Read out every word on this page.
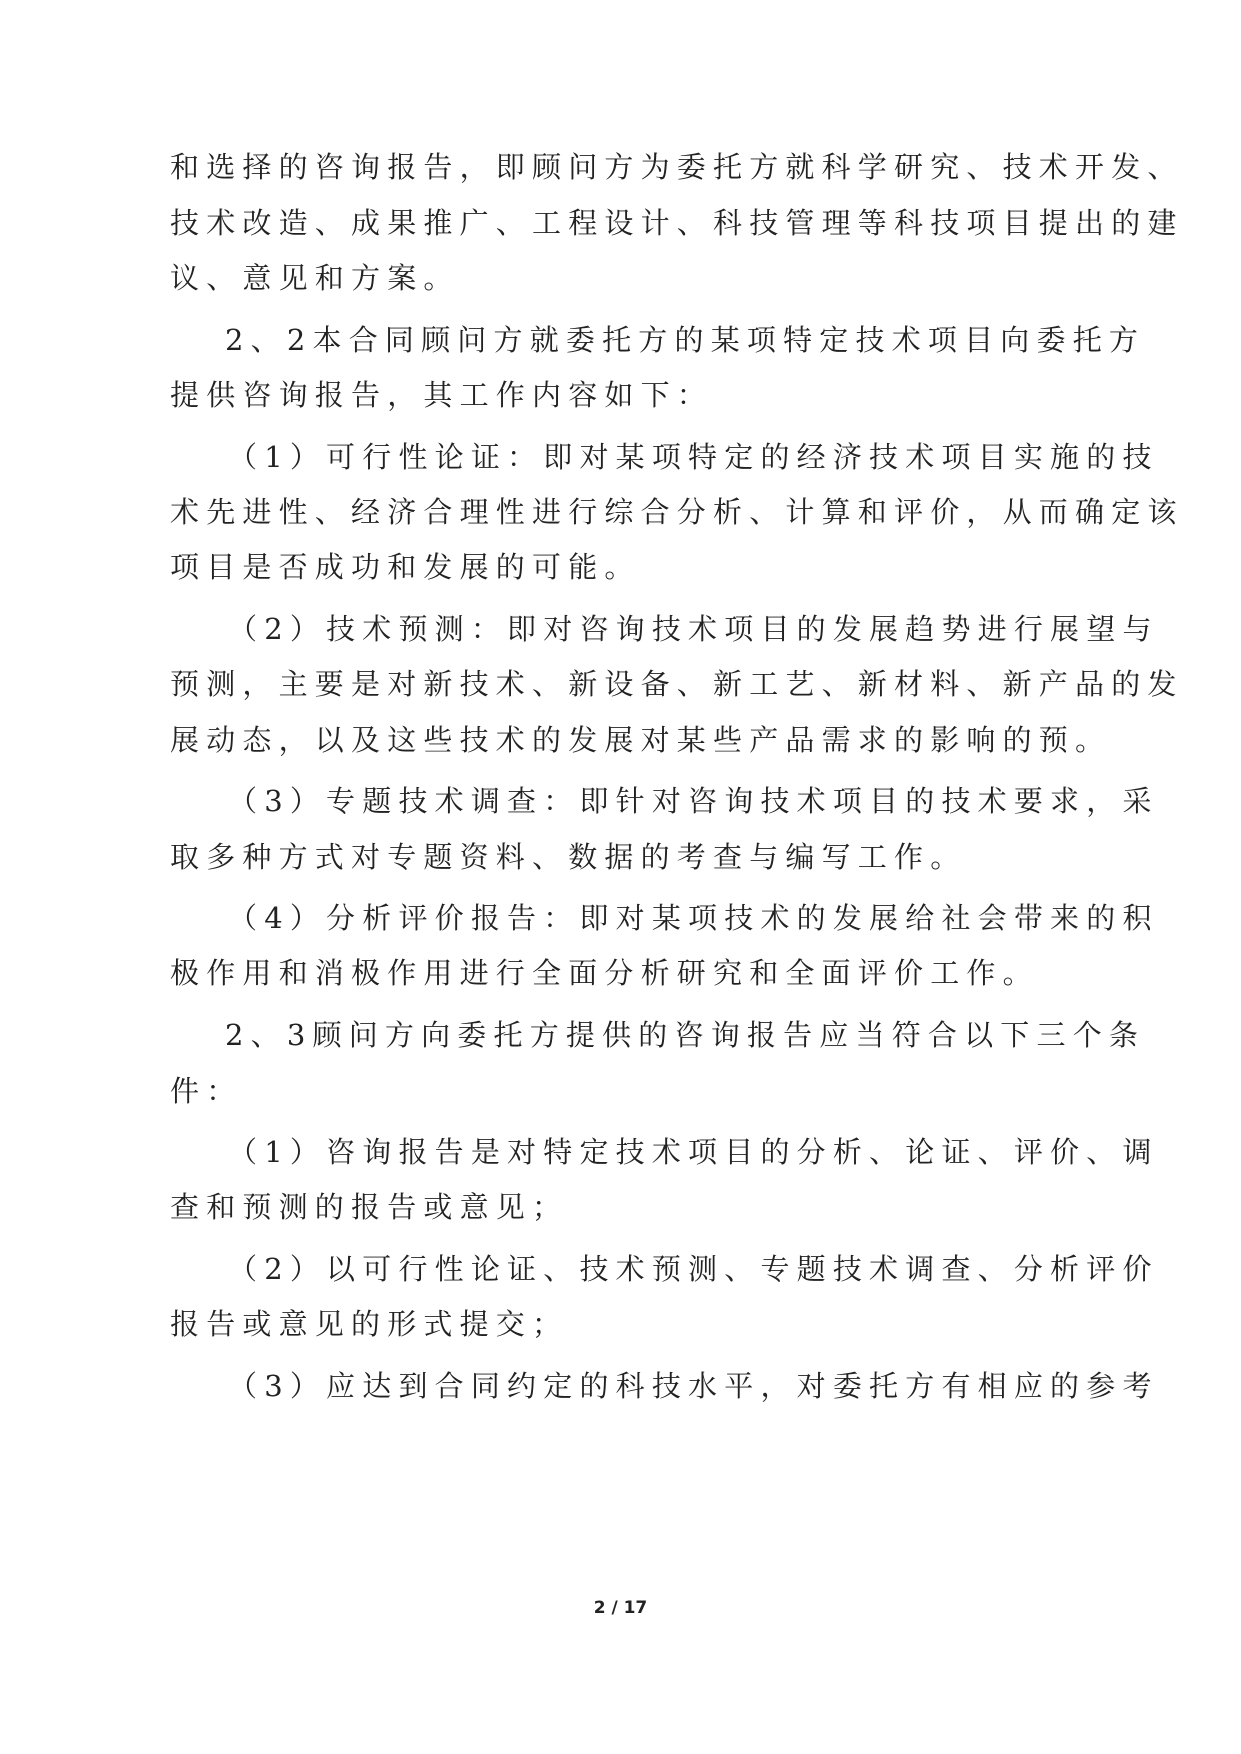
和选择的咨询报告，即顾问方为委托方就科学研究、技术开发、
技术改造、成果推广、工程设计、科技管理等科技项目提出的建
议、意见和方案。
2、2本合同顾问方就委托方的某项特定技术项目向委托方
提供咨询报告，其工作内容如下：
（1）可行性论证：即对某项特定的经济技术项目实施的技
术先进性、经济合理性进行综合分析、计算和评价，从而确定该
项目是否成功和发展的可能。
（2）技术预测：即对咨询技术项目的发展趋势进行展望与
预测，主要是对新技术、新设备、新工艺、新材料、新产品的发
展动态，以及这些技术的发展对某些产品需求的影响的预。
（3）专题技术调查：即针对咨询技术项目的技术要求，采
取多种方式对专题资料、数据的考查与编写工作。
（4）分析评价报告：即对某项技术的发展给社会带来的积
极作用和消极作用进行全面分析研究和全面评价工作。
2、3顾问方向委托方提供的咨询报告应当符合以下三个条
件：
（1）咨询报告是对特定技术项目的分析、论证、评价、调
查和预测的报告或意见；
（2）以可行性论证、技术预测、专题技术调查、分析评价
报告或意见的形式提交；
（3）应达到合同约定的科技水平，对委托方有相应的参考
2 / 17
